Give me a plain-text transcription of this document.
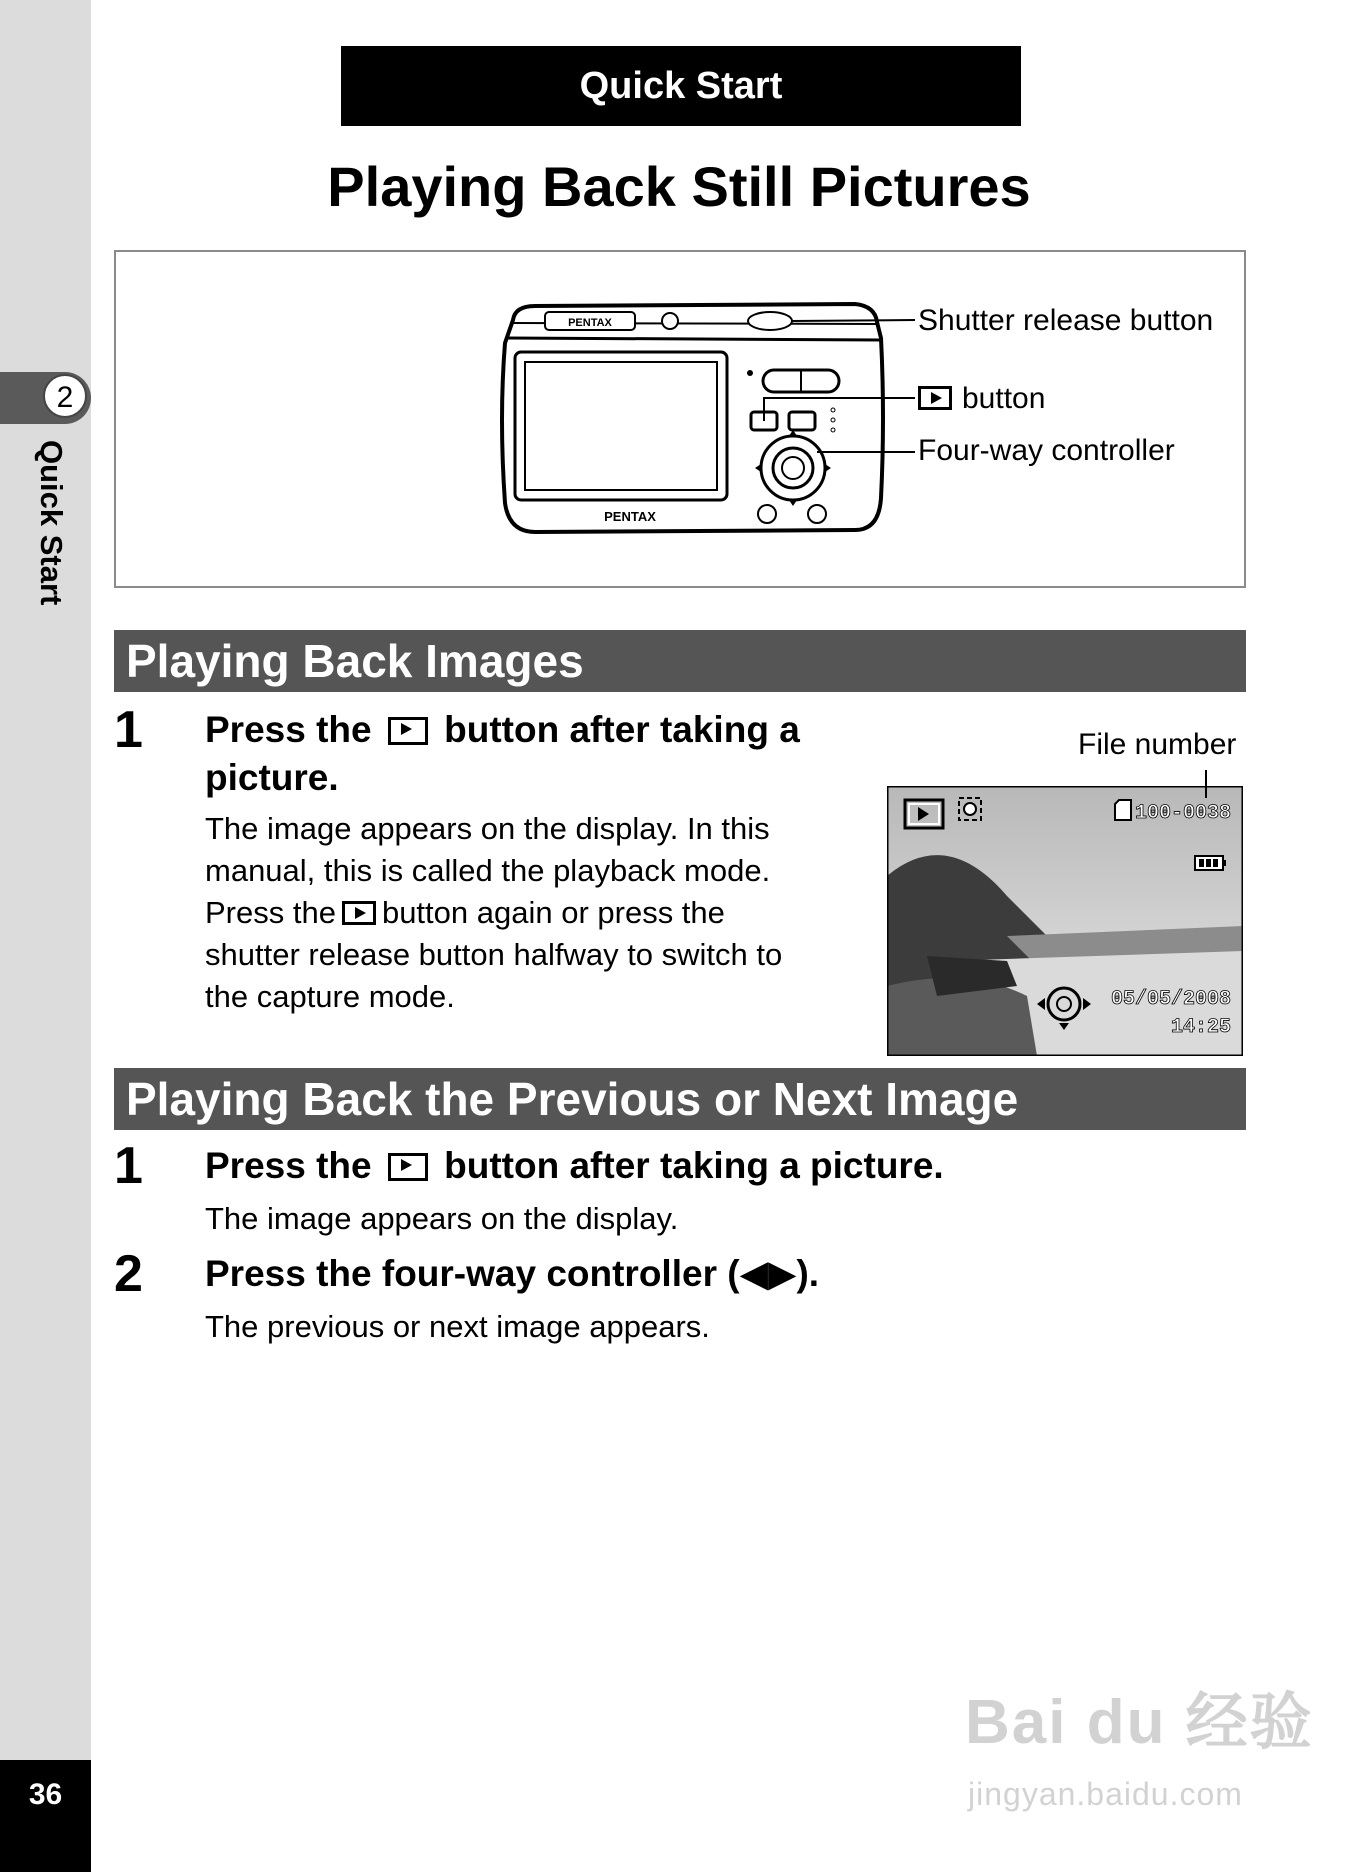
2
Quick Start
36
Quick Start
Playing Back Still Pictures
PENTAX
PENTAX
Shutter release button
button
Four-way controller
Playing Back Images
1 Press the button after taking a
picture.
The image appears on the display. In this
manual, this is called the playback mode.
Press the button again or press the
shutter release button halfway to switch to
the capture mode.
File number
100-0038
05/05/2008
14:25
Playing Back the Previous or Next Image
1 Press the button after taking a picture.
The image appears on the display.
2 Press the four-way controller (◀▶).
The previous or next image appears.
Bai du 经验
jingyan.baidu.com
